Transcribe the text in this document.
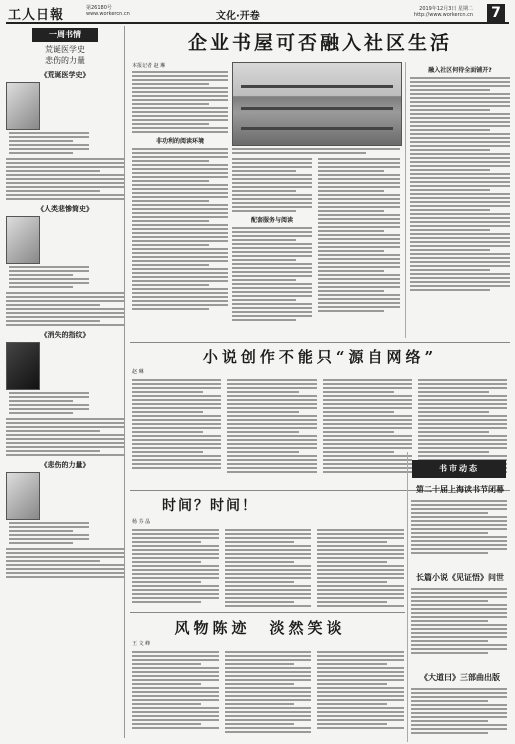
工人日報	第26180号
www.workercn.cn	文化·开卷
2019年12月3日 星期二
http://www.workercn.cn 7
一周书情
荒诞医学史
悲伤的力量
《荒诞医学史》

《人类悲惨简史》

《消失的指纹》

《悲伤的力量》

企业书屋可否融入社区生活
本报记者 赵 琳
非功利的阅读环境
配套服务与阅读
融入社区何待全面铺开?
小说创作不能只“源自网络”
赵 琳
时间？时间！
杨 芬 晶
书市动态
第二十届上海读书节闭幕
长篇小说《见证悟》问世
《大道曰》三部曲出版
风物陈迹　淡然笑谈
王 文 峰
